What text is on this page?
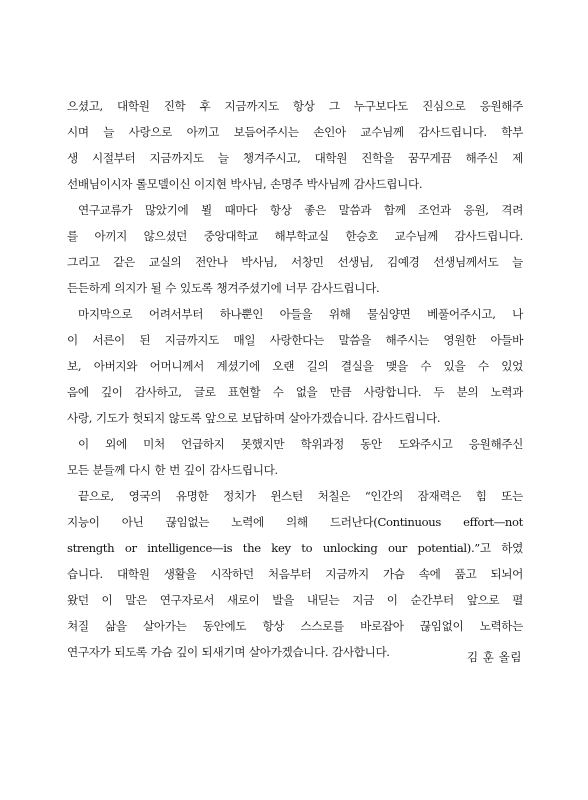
으셨고, 대학원 진학 후 지금까지도 항상 그 누구보다도 진심으로 응원해주
시며 늘 사랑으로 아끼고 보듬어주시는 손인아 교수님께 감사드립니다. 학부
생 시절부터 지금까지도 늘 챙겨주시고, 대학원 진학을 꿈꾸게끔 해주신 제
선배님이시자 롤모델이신 이지현 박사님, 손명주 박사님께 감사드립니다.
연구교류가 많았기에 뵐 때마다 항상 좋은 말씀과 함께 조언과 응원, 격려
를 아끼지 않으셨던 중앙대학교 해부학교실 한승호 교수님께 감사드립니다.
그리고 같은 교실의 전안나 박사님, 서창민 선생님, 김예경 선생님께서도 늘
든든하게 의지가 될 수 있도록 챙겨주셨기에 너무 감사드립니다.
마지막으로 어려서부터 하나뿐인 아들을 위해 물심양면 베풀어주시고, 나
이 서른이 된 지금까지도 매일 사랑한다는 말씀을 해주시는 영원한 아들바
보, 아버지와 어머니께서 계셨기에 오랜 길의 결실을 맺을 수 있을 수 있었
음에 깊이 감사하고, 글로 표현할 수 없을 만큼 사랑합니다. 두 분의 노력과
사랑, 기도가 헛되지 않도록 앞으로 보답하며 살아가겠습니다. 감사드립니다.
이 외에 미처 언급하지 못했지만 학위과정 동안 도와주시고 응원해주신
모든 분들께 다시 한 번 깊이 감사드립니다.
끝으로, 영국의 유명한 정치가 윈스턴 처칠은 “인간의 잠재력은 힘 또는
지능이 아닌 끊임없는 노력에 의해 드러난다(Continuous effort—not
strength or intelligence—is the key to unlocking our potential).”고 하였
습니다. 대학원 생활을 시작하던 처음부터 지금까지 가슴 속에 품고 되뇌어
왔던 이 말은 연구자로서 새로이 발을 내딛는 지금 이 순간부터 앞으로 펼
쳐질 삶을 살아가는 동안에도 항상 스스로를 바로잡아 끊임없이 노력하는
연구자가 되도록 가슴 깊이 되새기며 살아가겠습니다. 감사합니다.	김 훈 올림
